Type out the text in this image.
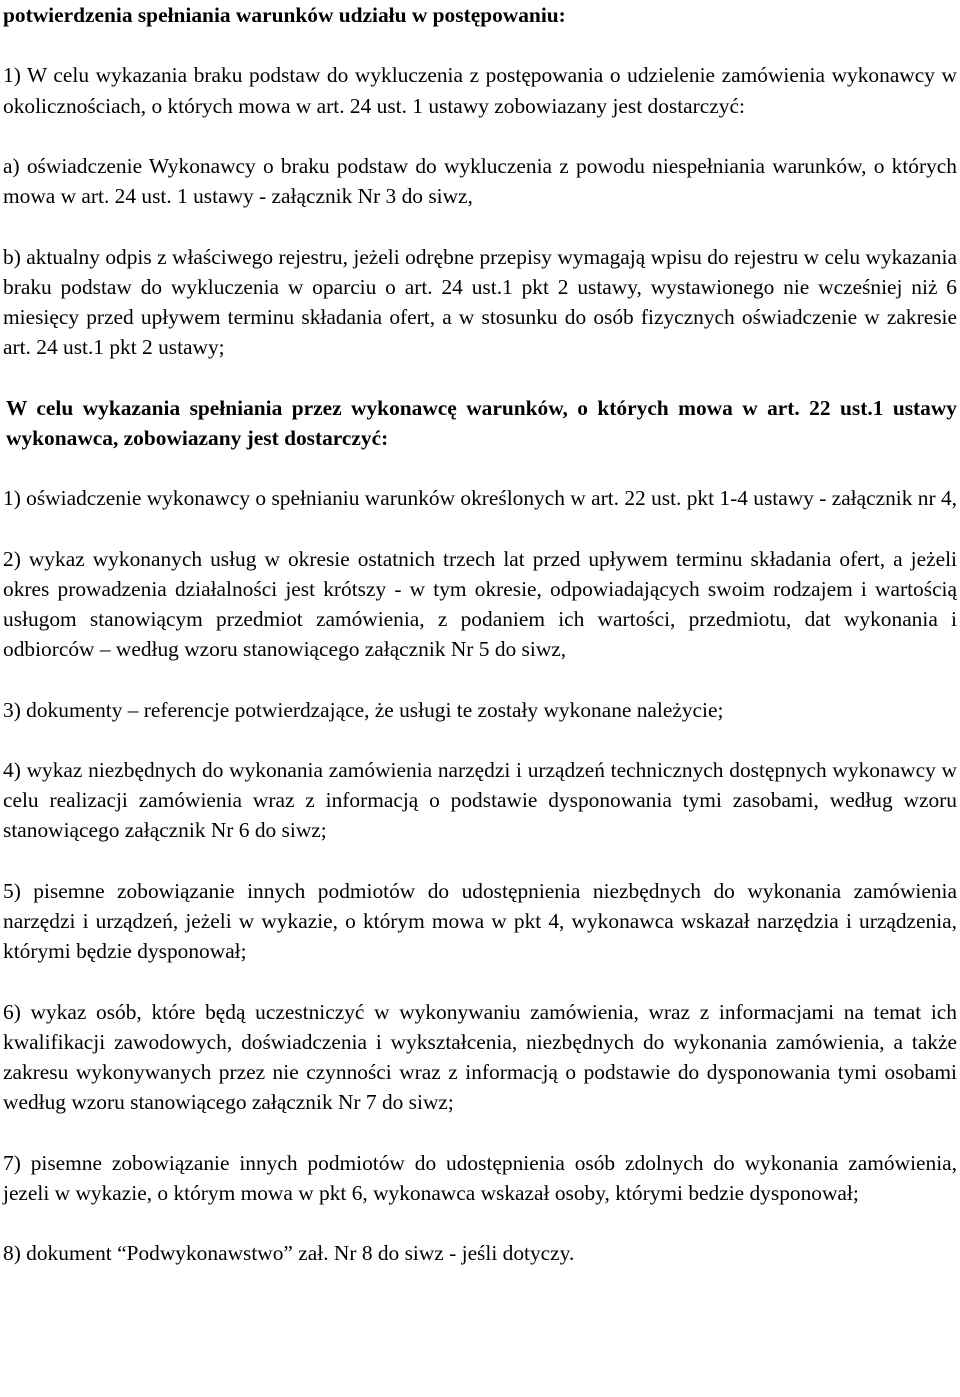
potwierdzenia spełniania warunków udziału w postępowaniu:

1) W celu wykazania braku podstaw do wykluczenia z postępowania o udzielenie zamówienia wykonawcy w okolicznościach, o których mowa w art. 24 ust. 1 ustawy zobowiazany jest dostarczyć:

a) oświadczenie Wykonawcy o braku podstaw do wykluczenia z powodu niespełniania warunków, o których mowa w art. 24 ust. 1 ustawy - załącznik Nr 3 do siwz,

b) aktualny odpis z właściwego rejestru, jeżeli odrębne przepisy wymagają wpisu do rejestru w celu wykazania braku podstaw do wykluczenia w oparciu o art. 24 ust.1 pkt 2 ustawy, wystawionego nie wcześniej niż 6 miesięcy przed upływem terminu składania ofert, a w stosunku do osób fizycznych oświadczenie w zakresie art. 24 ust.1 pkt 2 ustawy;

W celu wykazania spełniania przez wykonawcę warunków, o których mowa w art. 22 ust.1 ustawy wykonawca, zobowiazany jest dostarczyć:

1) oświadczenie wykonawcy o spełnianiu warunków określonych w art. 22 ust. pkt 1-4 ustawy - załącznik nr 4,

2) wykaz wykonanych usług w okresie ostatnich trzech lat przed upływem terminu składania ofert, a jeżeli okres prowadzenia działalności jest krótszy - w tym okresie, odpowiadających swoim rodzajem i wartością usługom stanowiącym przedmiot zamówienia, z podaniem ich wartości, przedmiotu, dat wykonania i odbiorców – według wzoru stanowiącego załącznik Nr 5 do siwz,

3) dokumenty – referencje potwierdzające, że usługi te zostały wykonane należycie;

4) wykaz niezbędnych do wykonania zamówienia narzędzi i urządzeń technicznych dostępnych wykonawcy w celu realizacji zamówienia wraz z informacją o podstawie dysponowania tymi zasobami, według wzoru stanowiącego załącznik Nr 6 do siwz;

5) pisemne zobowiązanie innych podmiotów do udostępnienia niezbędnych do wykonania zamówienia narzędzi i urządzeń, jeżeli w wykazie, o którym mowa w pkt 4, wykonawca wskazał narzędzia i urządzenia, którymi będzie dysponował;

6) wykaz osób, które będą uczestniczyć w wykonywaniu zamówienia, wraz z informacjami na temat ich kwalifikacji zawodowych, doświadczenia i wykształcenia, niezbędnych do wykonania zamówienia, a także zakresu wykonywanych przez nie czynności wraz z informacją o podstawie do dysponowania tymi osobami według wzoru stanowiącego załącznik Nr 7 do siwz;

7) pisemne zobowiązanie innych podmiotów do udostępnienia osób zdolnych do wykonania zamówienia, jezeli w wykazie, o którym mowa w pkt 6, wykonawca wskazał osoby, którymi bedzie dysponował;

8) dokument “Podwykonawstwo” zał. Nr 8 do siwz - jeśli dotyczy.
